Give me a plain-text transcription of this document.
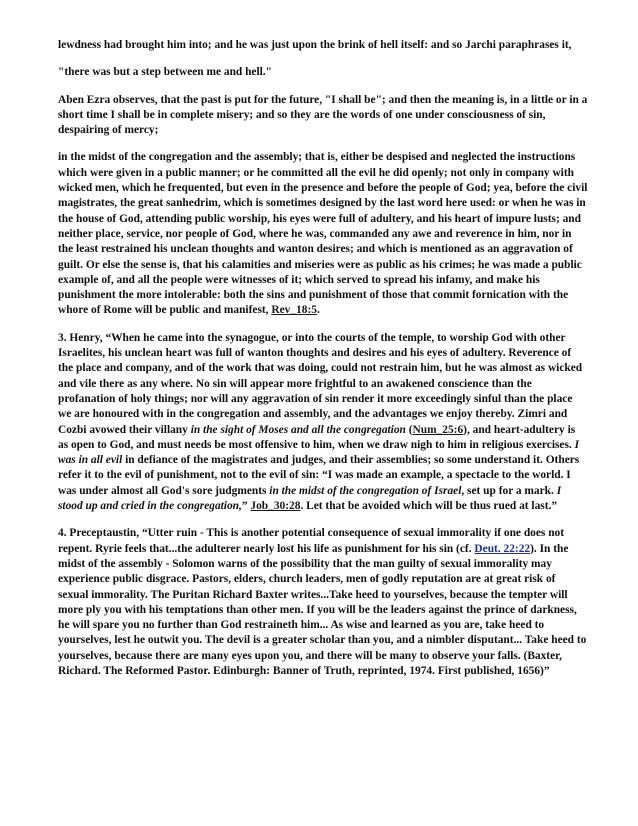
lewdness had brought him into; and he was just upon the brink of hell itself: and so Jarchi paraphrases it,

"there was but a step between me and hell."

Aben Ezra observes, that the past is put for the future, "I shall be"; and then the meaning is, in a little or in a short time I shall be in complete misery; and so they are the words of one under consciousness of sin, despairing of mercy;

in the midst of the congregation and the assembly; that is, either be despised and neglected the instructions which were given in a public manner; or he committed all the evil he did openly; not only in company with wicked men, which he frequented, but even in the presence and before the people of God; yea, before the civil magistrates, the great sanhedrim, which is sometimes designed by the last word here used: or when he was in the house of God, attending public worship, his eyes were full of adultery, and his heart of impure lusts; and neither place, service, nor people of God, where he was, commanded any awe and reverence in him, nor in the least restrained his unclean thoughts and wanton desires; and which is mentioned as an aggravation of guilt. Or else the sense is, that his calamities and miseries were as public as his crimes; he was made a public example of, and all the people were witnesses of it; which served to spread his infamy, and make his punishment the more intolerable: both the sins and punishment of those that commit fornication with the whore of Rome will be public and manifest, Rev_18:5.

3. Henry, “When he came into the synagogue, or into the courts of the temple, to worship God with other Israelites, his unclean heart was full of wanton thoughts and desires and his eyes of adultery. Reverence of the place and company, and of the work that was doing, could not restrain him, but he was almost as wicked and vile there as any where. No sin will appear more frightful to an awakened conscience than the profanation of holy things; nor will any aggravation of sin render it more exceedingly sinful than the place we are honoured with in the congregation and assembly, and the advantages we enjoy thereby. Zimri and Cozbi avowed their villany in the sight of Moses and all the congregation (Num_25:6), and heart-adultery is as open to God, and must needs be most offensive to him, when we draw nigh to him in religious exercises. I was in all evil in defiance of the magistrates and judges, and their assemblies; so some understand it. Others refer it to the evil of punishment, not to the evil of sin: “I was made an example, a spectacle to the world. I was under almost all God's sore judgments in the midst of the congregation of Israel, set up for a mark. I stood up and cried in the congregation,” Job_30:28. Let that be avoided which will be thus rued at last.”

4. Preceptaustin, “Utter ruin - This is another potential consequence of sexual immorality if one does not repent. Ryrie feels that...the adulterer nearly lost his life as punishment for his sin (cf. Deut. 22:22). In the midst of the assembly - Solomon warns of the possibility that the man guilty of sexual immorality may experience public disgrace. Pastors, elders, church leaders, men of godly reputation are at great risk of sexual immorality. The Puritan Richard Baxter writes...Take heed to yourselves, because the tempter will more ply you with his temptations than other men. If you will be the leaders against the prince of darkness, he will spare you no further than God restraineth him... As wise and learned as you are, take heed to yourselves, lest he outwit you. The devil is a greater scholar than you, and a nimbler disputant... Take heed to yourselves, because there are many eyes upon you, and there will be many to observe your falls. (Baxter, Richard. The Reformed Pastor. Edinburgh: Banner of Truth, reprinted, 1974. First published, 1656)”
